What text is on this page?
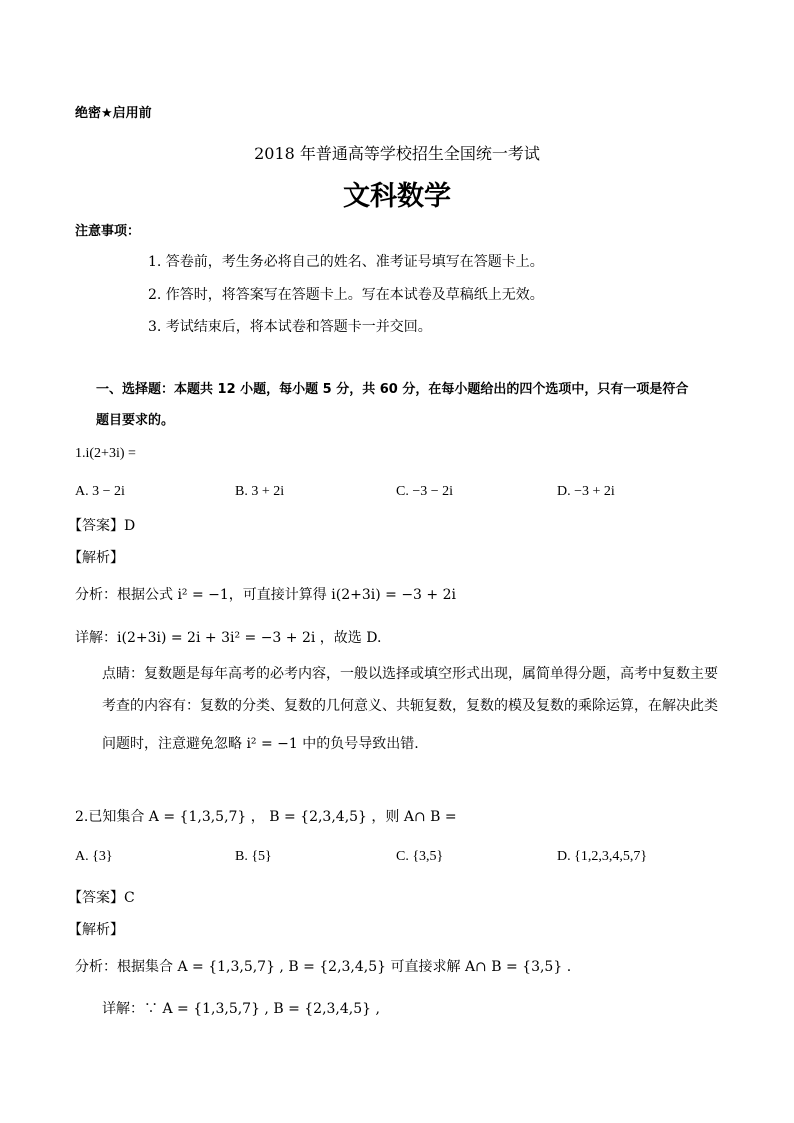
绝密★启用前
2018 年普通高等学校招生全国统一考试
文科数学
注意事项：
1. 答卷前，考生务必将自己的姓名、准考证号填写在答题卡上。
2. 作答时，将答案写在答题卡上。写在本试卷及草稿纸上无效。
3. 考试结束后，将本试卷和答题卡一并交回。
一、选择题：本题共 12 小题，每小题 5 分，共 60 分，在每小题给出的四个选项中，只有一项是符合
题目要求的。
1.i(2+3i) =
A. 3 − 2i	B. 3 + 2i	C. −3 − 2i	D. −3 + 2i
【答案】D
【解析】
分析：根据公式 i² = −1，可直接计算得 i(2+3i) = −3 + 2i
详解：i(2+3i) = 2i + 3i² = −3 + 2i ，故选 D.
点睛：复数题是每年高考的必考内容，一般以选择或填空形式出现，属简单得分题，高考中复数主要
考查的内容有：复数的分类、复数的几何意义、共轭复数，复数的模及复数的乘除运算，在解决此类
问题时，注意避免忽略 i² = −1 中的负号导致出错.
2.已知集合 A = {1,3,5,7} ， B = {2,3,4,5} ，则 A∩ B =
A. {3}	B. {5}	C. {3,5}	D. {1,2,3,4,5,7}
【答案】C
【解析】
分析：根据集合 A = {1,3,5,7} , B = {2,3,4,5} 可直接求解 A∩ B = {3,5} .
详解：∵ A = {1,3,5,7} , B = {2,3,4,5} ,
